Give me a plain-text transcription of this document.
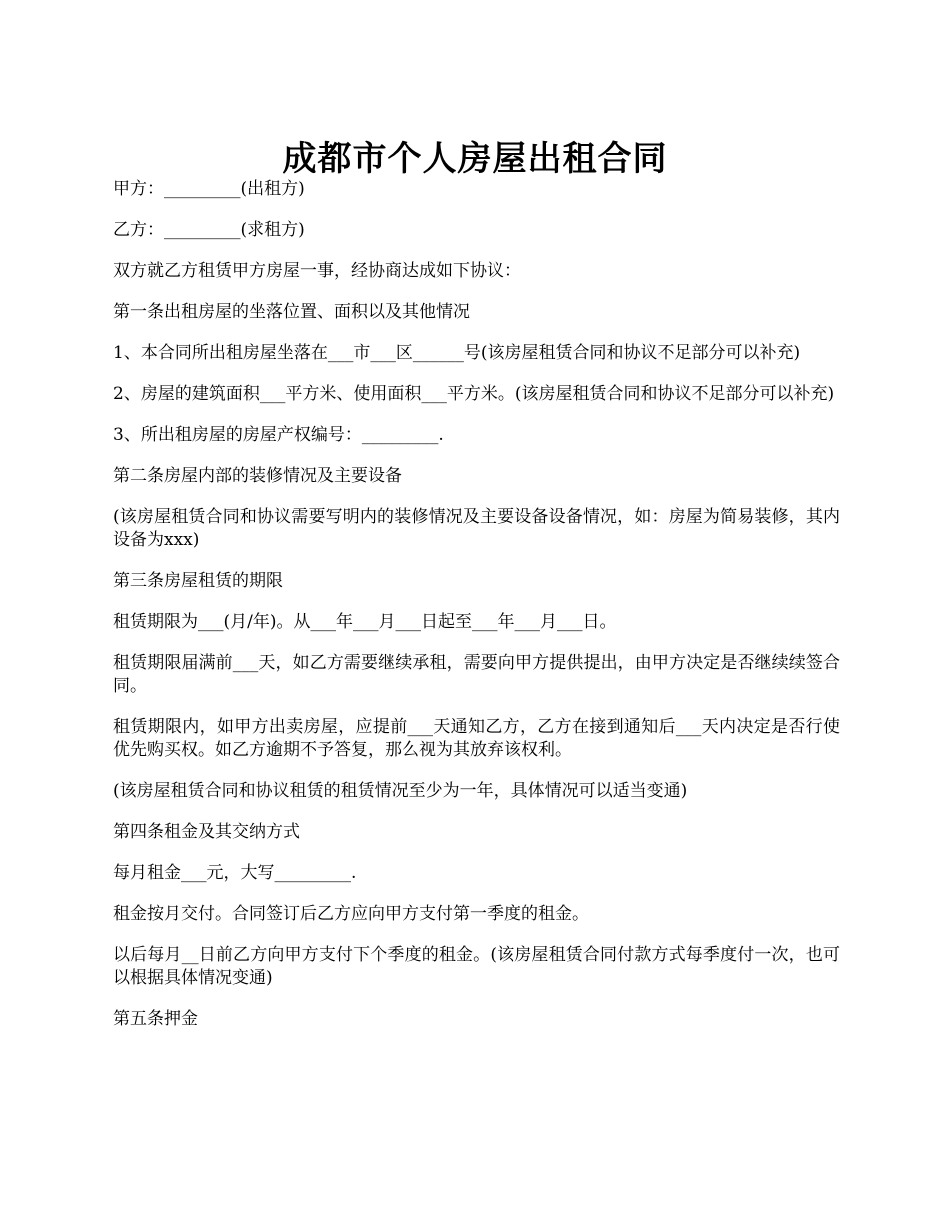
成都市个人房屋出租合同

甲方：_________(出租方)

乙方：_________(求租方)

双方就乙方租赁甲方房屋一事，经协商达成如下协议：

第一条出租房屋的坐落位置、面积以及其他情况

1、本合同所出租房屋坐落在___市___区______号(该房屋租赁合同和协议不足部分可以补充)

2、房屋的建筑面积___平方米、使用面积___平方米。(该房屋租赁合同和协议不足部分可以补充)

3、所出租房屋的房屋产权编号：_________.

第二条房屋内部的装修情况及主要设备

(该房屋租赁合同和协议需要写明内的装修情况及主要设备设备情况，如：房屋为简易装修，其内设备为xxx)

第三条房屋租赁的期限

租赁期限为___(月/年)。从___年___月___日起至___年___月___日。

租赁期限届满前___天，如乙方需要继续承租，需要向甲方提供提出，由甲方决定是否继续续签合同。

租赁期限内，如甲方出卖房屋，应提前___天通知乙方，乙方在接到通知后___天内决定是否行使优先购买权。如乙方逾期不予答复，那么视为其放弃该权利。

(该房屋租赁合同和协议租赁的租赁情况至少为一年，具体情况可以适当变通)

第四条租金及其交纳方式

每月租金___元，大写_________.

租金按月交付。合同签订后乙方应向甲方支付第一季度的租金。

以后每月__日前乙方向甲方支付下个季度的租金。(该房屋租赁合同付款方式每季度付一次，也可以根据具体情况变通)

第五条押金
